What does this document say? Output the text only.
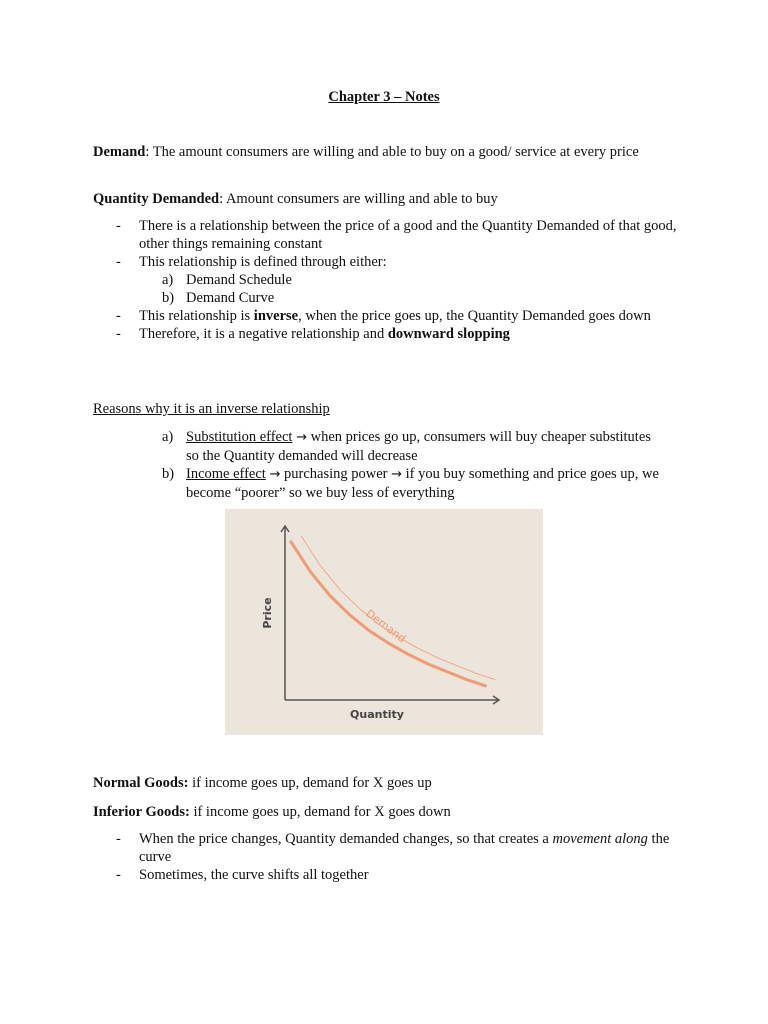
Chapter 3 – Notes
Demand: The amount consumers are willing and able to buy on a good/ service at every price
Quantity Demanded: Amount consumers are willing and able to buy
- There is a relationship between the price of a good and the Quantity Demanded of that good, other things remaining constant
- This relationship is defined through either:
a) Demand Schedule
b) Demand Curve
- This relationship is inverse, when the price goes up, the Quantity Demanded goes down
- Therefore, it is a negative relationship and downward slopping
Reasons why it is an inverse relationship
a) Substitution effect → when prices go up, consumers will buy cheaper substitutes so the Quantity demanded will decrease
b) Income effect → purchasing power → if you buy something and price goes up, we become “poorer” so we buy less of everything
Demand
Price
Quantity
Normal Goods: if income goes up, demand for X goes up
Inferior Goods: if income goes up, demand for X goes down
- When the price changes, Quantity demanded changes, so that creates a movement along the curve
- Sometimes, the curve shifts all together
